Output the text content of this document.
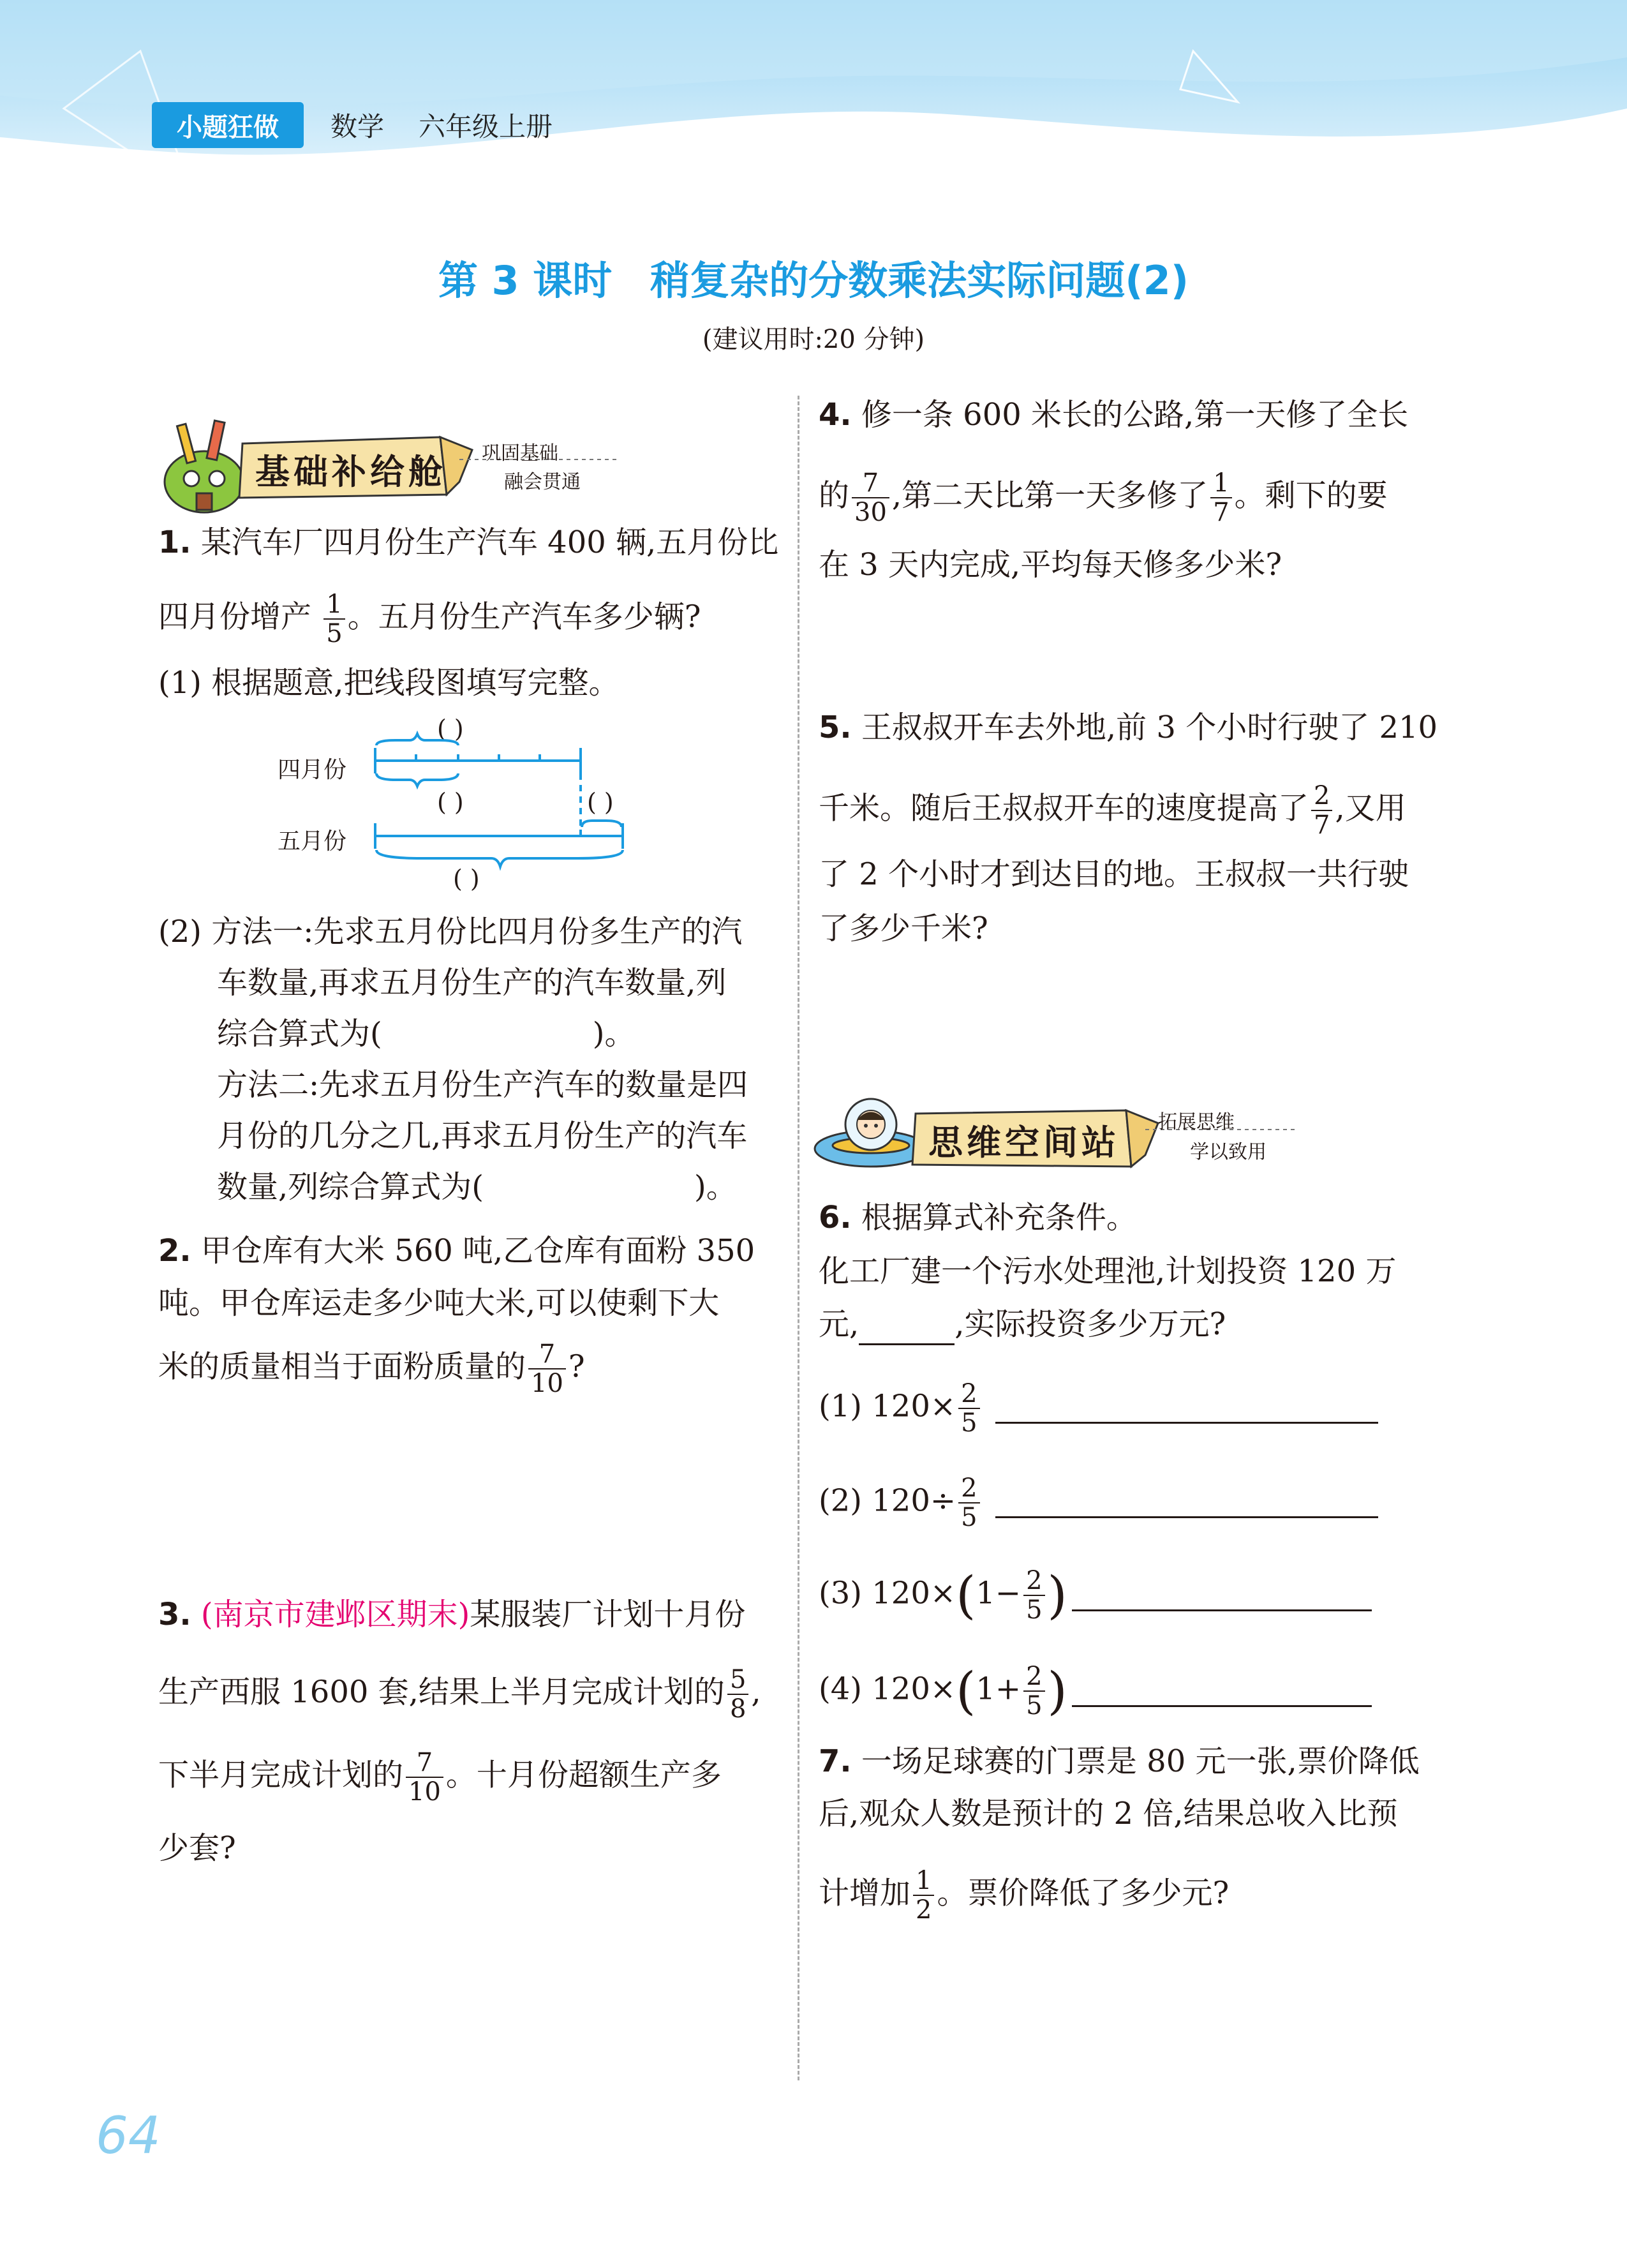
小题狂做	数学 六年级上册
第 3 课时 稍复杂的分数乘法实际问题(2)
(建议用时:20 分钟)
基础补给舱 巩固基础
融会贯通
1. 某汽车厂四月份生产汽车 400 辆,五月份比
四月份增产 $\frac{1}{5}$ 。五月份生产汽车多少辆?
(1) 根据题意,把线段图填写完整。
( )
四月份
( )	( )
五月份
( )
(2) 方法一:先求五月份比四月份多生产的汽
车数量,再求五月份生产的汽车数量,列
综合算式为(	)。
方法二:先求五月份生产汽车的数量是四
月份的几分之几,再求五月份生产的汽车
数量,列综合算式为(	)。
2. 甲仓库有大米 560 吨,乙仓库有面粉 350
吨。甲仓库运走多少吨大米,可以使剩下大
米的质量相当于面粉质量的 $\frac{7}{10}$ ?
3. (南京市建邺区期末)某服装厂计划十月份
生产西服 1600 套,结果上半月完成计划的 $\frac{5}{8}$ ,
下半月完成计划的 $\frac{7}{10}$ 。十月份超额生产多
少套?
4. 修一条 600 米长的公路,第一天修了全长
的 $\frac{7}{30}$ ,第二天比第一天多修了 $\frac{1}{7}$ 。剩下的要
在 3 天内完成,平均每天修多少米?
5. 王叔叔开车去外地,前 3 个小时行驶了 210
千米。随后王叔叔开车的速度提高了 $\frac{2}{7}$ ,又用
了 2 个小时才到达目的地。王叔叔一共行驶
了多少千米?
思维空间站 拓展思维
学以致用
6. 根据算式补充条件。
化工厂建一个污水处理池,计划投资 120 万
元,	,实际投资多少万元?
(1) $120\times \frac{2}{5}$
(2) $120\div \frac{2}{5}$
(3) $120\times(1- \frac{2}{5}$ )
(4) $120\times(1+ \frac{2}{5}$ )
7. 一场足球赛的门票是 80 元一张,票价降低
后,观众人数是预计的 2 倍,结果总收入比预
计增加 $\frac{1}{2}$ 。票价降低了多少元?
64
